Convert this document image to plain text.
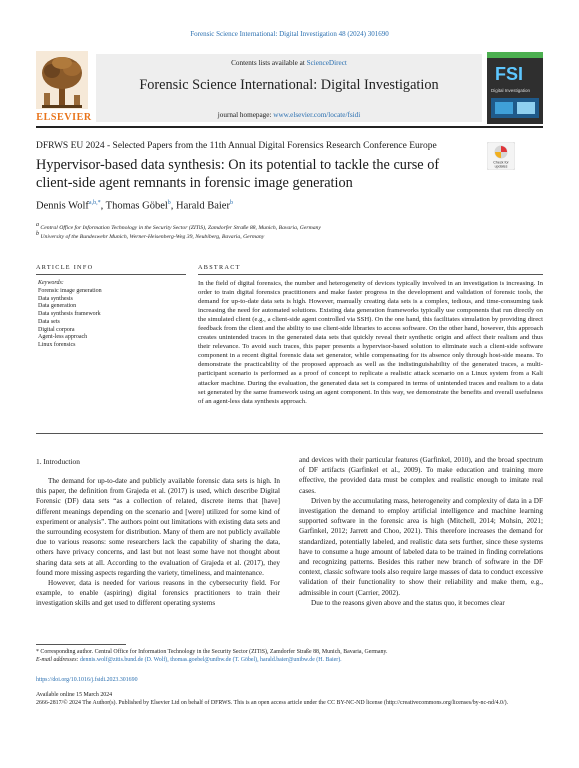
Forensic Science International: Digital Investigation 48 (2024) 301690
ELSEVIER
Contents lists available at ScienceDirect
Forensic Science International: Digital Investigation
journal homepage: www.elsevier.com/locate/fsidi
FSI
Digital Investigation
DFRWS EU 2024 - Selected Papers from the 11th Annual Digital Forensics Research Conference Europe
Check for
updates
Hypervisor-based data synthesis: On its potential to tackle the curse of client-side agent remnants in forensic image generation
Dennis Wolf$^{a,b,*}$, Thomas Göbel$^b$, Harald Baier$^b$
$^a$ Central Office for Information Technology in the Security Sector (ZITiS), Zamdorfer Straße 88, Munich, Bavaria, Germany
$^b$ University of the Bundeswehr Munich, Werner-Heisenberg-Weg 39, Neubiberg, Bavaria, Germany
ARTICLE INFO	ABSTRACT
Keywords:
Forensic image generation
Data synthesis
Data generation
Data synthesis framework
Data sets
Digital corpora
Agent-less approach
Linux forensics

In the field of digital forensics, the number and heterogeneity of devices typically involved in an investigation is increasing. In order to train digital forensics practitioners and make faster progress in the development and validation of forensic tools, the demand for up-to-date data sets is high. However, manually creating data sets is a complex, tedious, and time-consuming task increasing the need for automated solutions. Existing data generation frameworks typically use components that run directly on the simulated client (e.g., a client-side agent controlled via SSH). On the one hand, this facilitates simulation by providing direct feedback from the client and the ability to use client-side libraries to access software. On the other hand, however, this approach creates unintended traces in the generated data sets that quickly reveal their synthetic origin and affect their realism and thus their relevance. To avoid such traces, this paper presents a hypervisor-based solution to eliminate such a client-side software component in a recent digital forensic data set generator, while compensating for its absence only through host-side means. To demonstrate the practicability of the proposed approach as well as the indistinguishability of the generated traces, a multi-participant scenario is performed as a proof of concept to replicate a realistic attack scenario on a Linux system from a Kali attacker machine. During the evaluation, the generated data set is compared in terms of unintended traces and realism to a data set generated by the same framework using an agent component. In this way, we demonstrate the benefits and overall usefulness of an agent-less data synthesis approach.

1. Introduction

The demand for up-to-date and publicly available forensic data sets is high. In this paper, the definition from Grajeda et al. (2017) is used, which describe Digital Forensic (DF) data sets “as a collection of related, discrete items that [have] different meanings depending on the scenario and [were] utilized for some kind of experiment or analysis”. The authors point out limitations with existing data sets and the surrounding ecosystem for distribution. Many of them are not publicly available due to various reasons: some researchers lack the capability of sharing the data, others have privacy concerns, and last but not least some have not thought about sharing data sets at all. According to the evaluation of Grajeda et al. (2017), they found more missing aspects regarding the variety, timeliness, and maintenance.

However, data is needed for various reasons in the cybersecurity field. For example, to enable (aspiring) digital forensics practitioners to train their investigation skills and get used to different operating systems

and devices with their particular features (Garfinkel, 2010), and the broad spectrum of DF artifacts (Garfinkel et al., 2009). To make education and training more effective, the provided data must be complex and realistic enough to imitate real cases.

Driven by the accumulating mass, heterogeneity and complexity of data in a DF investigation the demand to employ artificial intelligence and machine learning supported software in the forensic area is high (Mitchell, 2014; Mohsin, 2021; Garfinkel, 2012; Jarrett and Choo, 2021). This therefore increases the demand for standardized, potentially labeled, and realistic data sets further, since these systems have to consume a huge amount of labeled data to be trained in finding correlations and recognizing patterns. Besides this rather new branch of software in the DF context, classic software tools also require large masses of data to conduct excessive validation of their functionality to show their reliability and make them, e.g., admissible in court (Carrier, 2002).

Due to the reasons given above and the status quo, it becomes clear

* Corresponding author. Central Office for Information Technology in the Security Sector (ZITiS), Zamdorfer Straße 88, Munich, Bavaria, Germany.
E-mail addresses: dennis.wolf@zitis.bund.de (D. Wolf), thomas.goebel@unibw.de (T. Göbel), harald.baier@unibw.de (H. Baier).
https://doi.org/10.1016/j.fsidi.2023.301690
Available online 15 March 2024
2666-2817/© 2024 The Author(s). Published by Elsevier Ltd on behalf of DFRWS. This is an open access article under the CC BY-NC-ND license (http://creativecommons.org/licenses/by-nc-nd/4.0/).
